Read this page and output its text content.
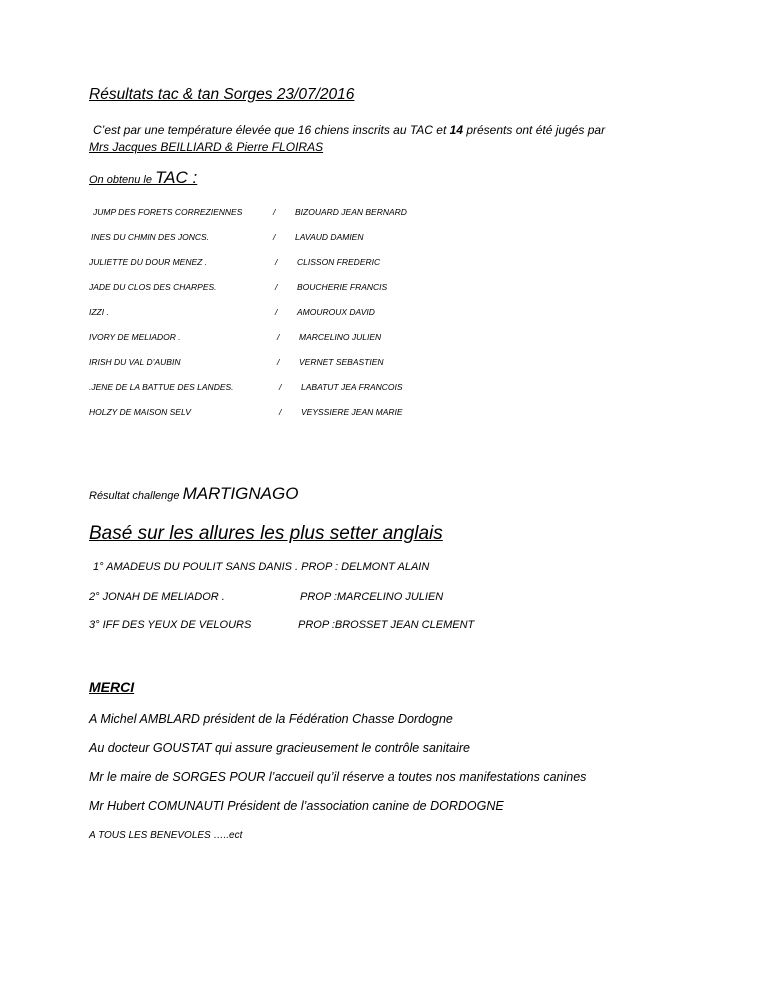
Résultats tac & tan Sorges 23/07/2016
C’est par une température élevée que 16 chiens inscrits au TAC et 14 présents ont été jugés par
Mrs Jacques BEILLIARD & Pierre FLOIRAS
On obtenu le TAC :
JUMP DES FORETS CORREZIENNES	/ BIZOUARD JEAN BERNARD
INES DU CHMIN DES JONCS.	/ LAVAUD DAMIEN
JULIETTE DU DOUR MENEZ .	/ CLISSON FREDERIC
JADE DU CLOS DES CHARPES.	/ BOUCHERIE FRANCIS
IZZI .	/ AMOUROUX DAVID
IVORY DE MELIADOR .	/ MARCELINO JULIEN
IRISH DU VAL D’AUBIN	/ VERNET SEBASTIEN
.JENE DE LA BATTUE DES LANDES.	/ LABATUT JEA FRANCOIS
HOLZY DE MAISON SELV	/ VEYSSIERE JEAN MARIE
Résultat challenge MARTIGNAGO
Basé sur les allures les plus setter anglais
1° AMADEUS DU POULIT SANS DANIS . PROP : DELMONT ALAIN
2° JONAH DE MELIADOR .	PROP :MARCELINO JULIEN
3° IFF DES YEUX DE VELOURS	PROP :BROSSET JEAN CLEMENT
MERCI
A Michel AMBLARD président de la Fédération Chasse Dordogne
Au docteur GOUSTAT qui assure gracieusement le contrôle sanitaire
Mr le maire de SORGES POUR l’accueil qu’il réserve a toutes nos manifestations canines
Mr Hubert COMUNAUTI Président de l’association canine de DORDOGNE
A TOUS LES BENEVOLES …..ect
